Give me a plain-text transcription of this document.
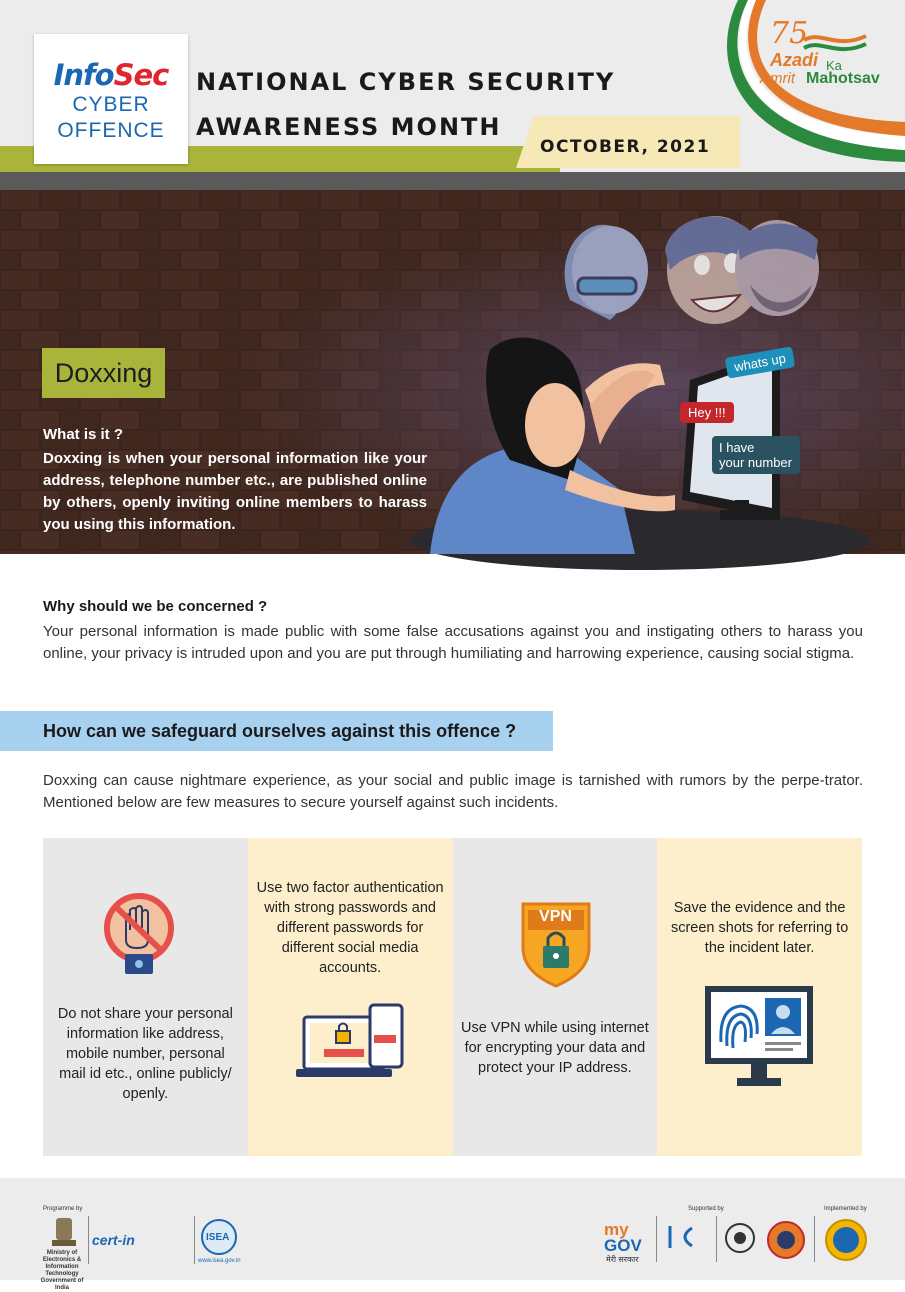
InfoSec
CYBER
OFFENCE
NATIONAL CYBER SECURITY
AWARENESS MONTH
OCTOBER, 2021
75
Azadi Ka
Amrit Mahotsav
whats up
Hey !!!
I have
your number
Doxxing
What is it ?
Doxxing is when your personal information like your address, telephone number etc., are published online by others, openly inviting online members to harass you using this information.
Why should we be concerned ?
Your personal information is made public with some false accusations against you and instigating others to harass you online, your privacy is intruded upon and you are put through humiliating and harrowing experience, causing social stigma.
How can we safeguard ourselves against this offence ?
Doxxing can cause nightmare experience, as your social and public image is tarnished with rumors by the perpe-trator. Mentioned below are few measures to secure yourself against such incidents.
Do not share your personal information like address, mobile number, personal mail id etc., online publicly/ openly.
Use two factor authentication with strong passwords and different passwords for different social media accounts.
VPN
Use VPN while using internet for encrypting your data and protect your IP address.
Save the evidence and the screen shots for referring to the incident later.
Programme by
Ministry of Electronics & Information Technology Government of India
cert-in	ISEA
www.isea.gov.in
Supported by	Implemented by
my
GOV
मेरी सरकार
